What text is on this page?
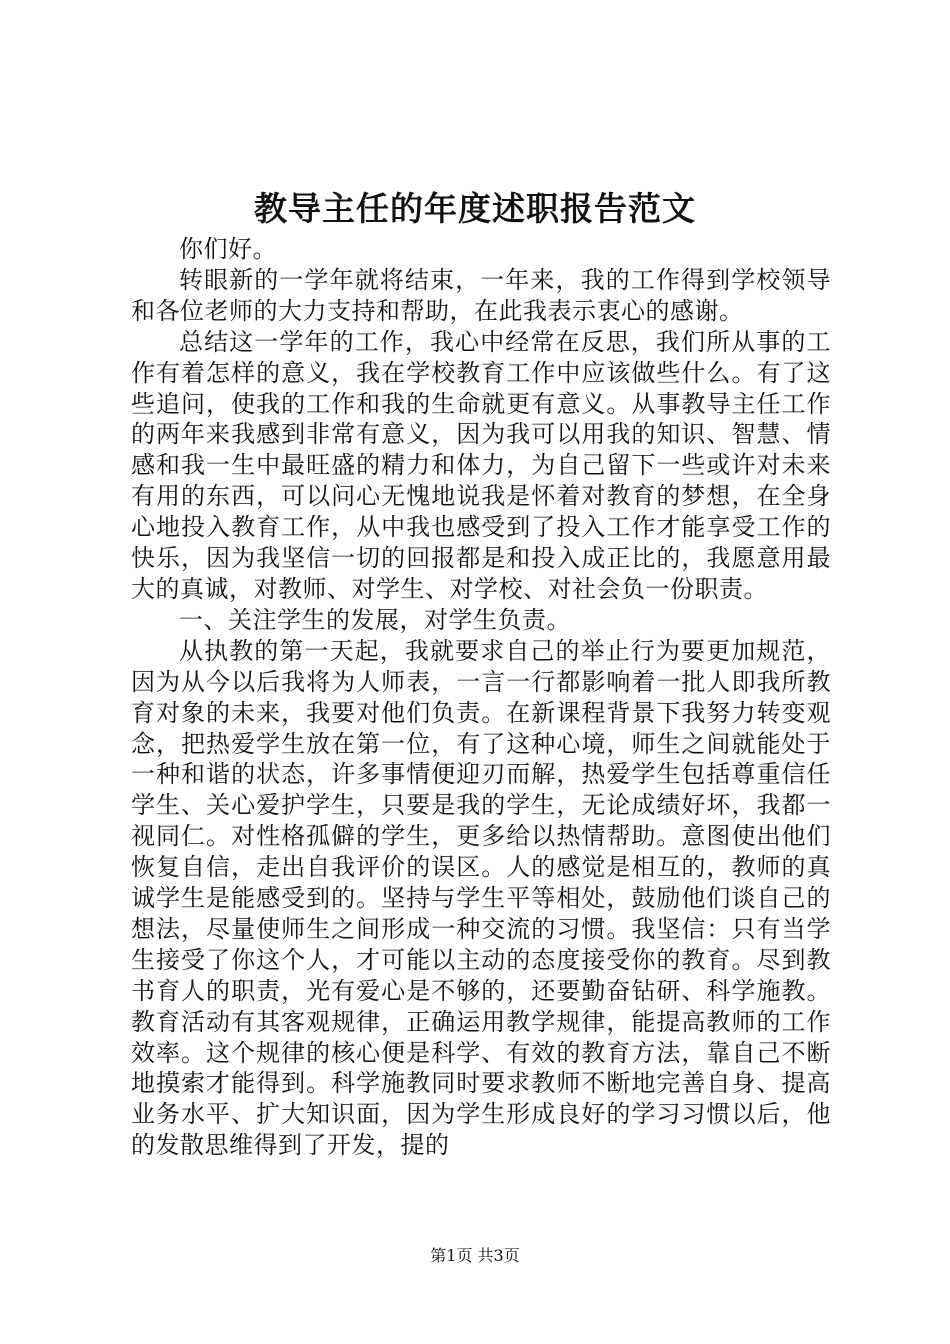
教导主任的年度述职报告范文

你们好。

转眼新的一学年就将结束，一年来，我的工作得到学校领导和各位老师的大力支持和帮助，在此我表示衷心的感谢。

总结这一学年的工作，我心中经常在反思，我们所从事的工作有着怎样的意义，我在学校教育工作中应该做些什么。有了这些追问，使我的工作和我的生命就更有意义。从事教导主任工作的两年来我感到非常有意义，因为我可以用我的知识、智慧、情感和我一生中最旺盛的精力和体力，为自己留下一些或许对未来有用的东西，可以问心无愧地说我是怀着对教育的梦想，在全身心地投入教育工作，从中我也感受到了投入工作才能享受工作的快乐，因为我坚信一切的回报都是和投入成正比的，我愿意用最大的真诚，对教师、对学生、对学校、对社会负一份职责。

一、关注学生的发展，对学生负责。

从执教的第一天起，我就要求自己的举止行为要更加规范，因为从今以后我将为人师表，一言一行都影响着一批人即我所教育对象的未来，我要对他们负责。在新课程背景下我努力转变观念，把热爱学生放在第一位，有了这种心境，师生之间就能处于一种和谐的状态，许多事情便迎刃而解，热爱学生包括尊重信任学生、关心爱护学生，只要是我的学生，无论成绩好坏，我都一视同仁。对性格孤僻的学生，更多给以热情帮助。意图使出他们恢复自信，走出自我评价的误区。人的感觉是相互的，教师的真诚学生是能感受到的。坚持与学生平等相处，鼓励他们谈自己的想法，尽量使师生之间形成一种交流的习惯。我坚信：只有当学生接受了你这个人，才可能以主动的态度接受你的教育。尽到教书育人的职责，光有爱心是不够的，还要勤奋钻研、科学施教。教育活动有其客观规律，正确运用教学规律，能提高教师的工作效率。这个规律的核心便是科学、有效的教育方法，靠自己不断地摸索才能得到。科学施教同时要求教师不断地完善自身、提高业务水平、扩大知识面，因为学生形成良好的学习习惯以后，他的发散思维得到了开发，提的

第1页 共3页
